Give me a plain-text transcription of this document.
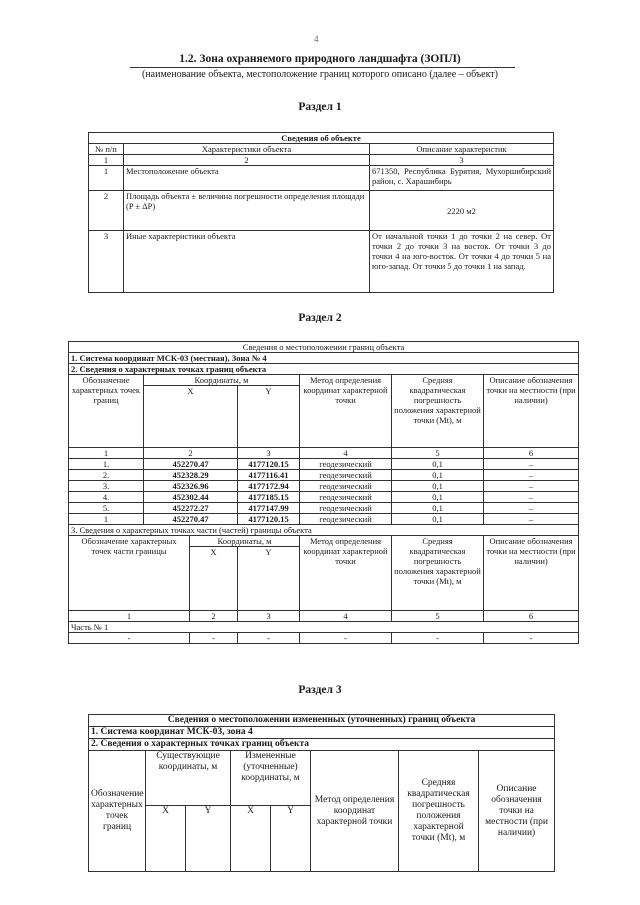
4
1.2. Зона охраняемого природного ландшафта (ЗОПЛ)
(наименование объекта, местоположение границ которого описано (далее – объект)
Раздел 1
Сведения об объекте		
№ п/п	Характеристики объекта	Описание характеристик
1	2	3
1	Местоположение объекта	671350, Республика Бурятия, Мухоршибирский район, с. Харашибирь
2	Площадь объекта ± величина погрешности определения площади (P ± ΔP)	2220 м2
3	Иные характеристики объекта	От начальной точки 1 до точки 2 на север. От точки 2 до точки 3 на восток. От точки 3 до точки 4 на юго-восток. От точки 4 до точки 5 на юго-запад. От точки 5 до точки 1 на запад.
Раздел 2
Сведения о местоположении границ объекта						
1. Система координат МСК-03 (местная), Зона № 4						
2. Сведения о характерных точках границ объекта						
Обозначение характерных точек границ	Координаты, м			Метод определения координат характерной точки	Средняя квадратическая погрешность положения характерной точки (Mt), м	Описание обозначения точки на местности (при наличии)
	X		Y			
1	2		3	4	5	6
1.	452270.47		4177120.15	геодезический	0,1	–
2.	452328.29		4177116.41	геодезический	0,1	–
3.	452326.96		4177172.94	геодезический	0,1	–
4.	452302.44		4177185.15	геодезический	0,1	–
5.	452272.27		4177147.99	геодезический	0,1	–
1	452270.47		4177120.15	геодезический	0,1	–
3. Сведения о характерных точках части (частей) границы объекта						
Обозначение характерных точек части границы		Координаты, м		Метод определения координат характерной точки	Средняя квадратическая погрешность положения характерной точки (Mt), м	Описание обозначения точки на местности (при наличии)
		X	Y			
1		2	3	4	5	6
Часть № 1						
-		-	-	-	-	-
Раздел 3
Сведения о местоположении измененных (уточненных) границ объекта							
1. Система координат МСК-03, зона 4							
2. Сведения о характерных точках границ объекта							
Обозначение характерных точек границ	Существующие координаты, м		Измененные (уточненные) координаты, м		Метод определения координат характерной точки	Средняя квадратическая погрешность положения характерной точки (Mt), м	Описание обозначения точки на местности (при наличии)
	X	Y	X	Y			
